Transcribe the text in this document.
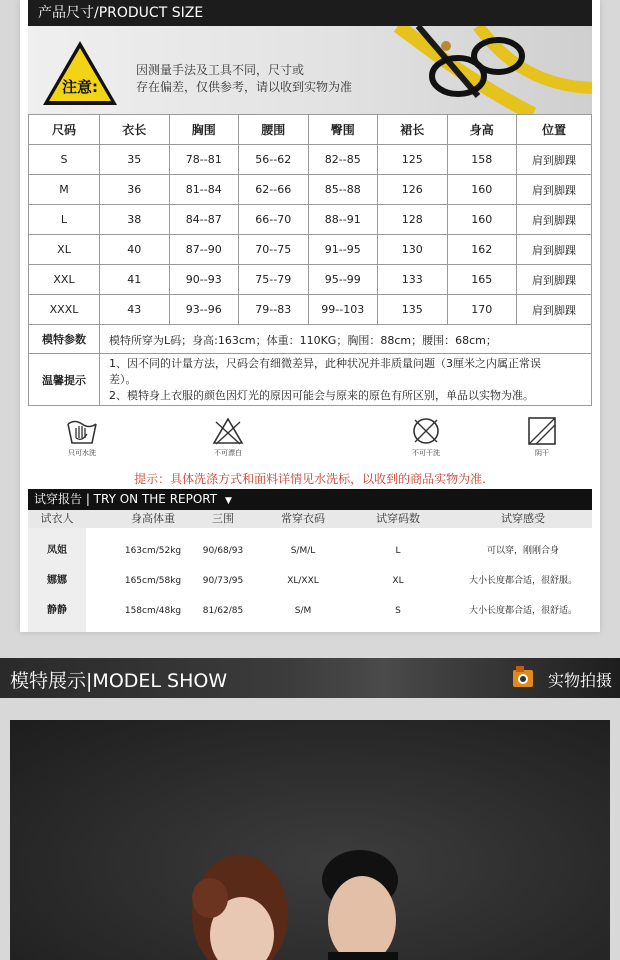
产品尺寸/PRODUCT SIZE
注意:
因测量手法及工具不同，尺寸或
存在偏差，仅供参考，请以收到实物为准
尺码	衣长	胸围	腰围	臀围	裙长	身高	位置
S	35	78--81	56--62	82--85	125	158	肩到脚踝
M	36	81--84	62--66	85--88	126	160	肩到脚踝
L	38	84--87	66--70	88--91	128	160	肩到脚踝
XL	40	87--90	70--75	91--95	130	162	肩到脚踝
XXL	41	90--93	75--79	95--99	133	165	肩到脚踝
XXXL	43	93--96	79--83	99--103	135	170	肩到脚踝
模特参数	模特所穿为L码；身高:163cm；体重：110KG；胸围：88cm；腰围：68cm；
温馨提示
1、因不同的计量方法，尺码会有细微差异，此种状况并非质量问题（3厘米之内属正常误
差）。
2、模特身上衣服的颜色因灯光的原因可能会与原来的原色有所区别，单品以实物为准。
只可水洗	不可漂白	不可干洗	阴干
提示：具体洗涤方式和面料详情见水洗标，以收到的商品实物为准.
试穿报告 | TRY ON THE REPORT ▼
试衣人	身高体重	三围	常穿衣码	试穿码数	试穿感受
凤姐	163cm/52kg	90/68/93	S/M/L	L	可以穿，刚刚合身
娜娜	165cm/58kg	90/73/95	XL/XXL	XL	大小长度都合适，很舒服。
静静	158cm/48kg	81/62/85	S/M	S	大小长度都合适，很舒适。
模特展示|MODEL SHOW	实物拍摄
